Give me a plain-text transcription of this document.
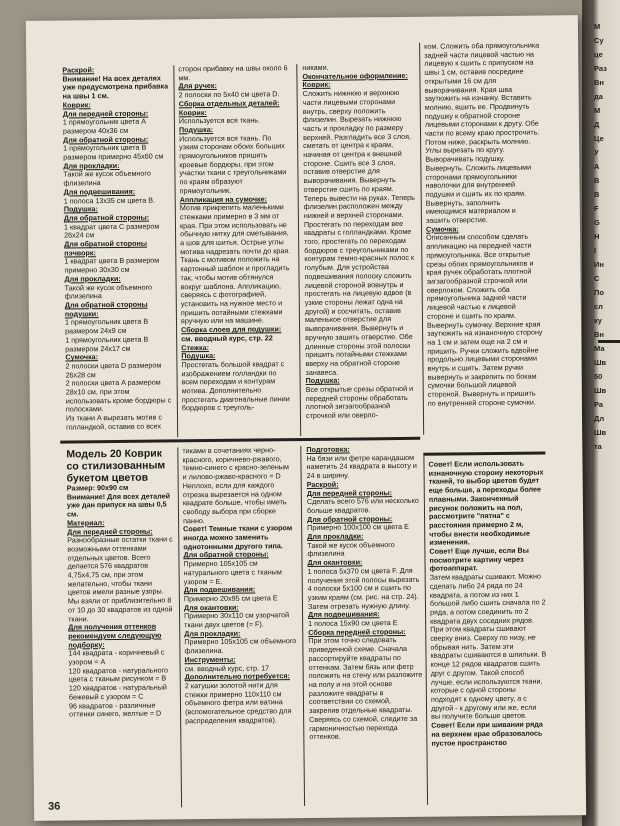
М
Су
це
Раз
Вн
да
М
Д
Це
У
А
В
В
F
G
Н
I
Ин
С
По
сл
ку
Вн
Ма
Шв
50
Шв
Ра
Дл
Шв
та

Раскрой:

Внимание! На всех деталях уже предусмотрена прибавка на швы 1 см.

Коврик:

Для передней стороны:

1 прямоугольник цвета A размером 40x36 см

Для обратной стороны:

1 прямоугольник цвета B размером примерно 45x60 см

Для прокладки:

Такой же кусок объемного флизелина

Для подвешивания:

1 полоса 13x35 см цвета B.

Подушка:

Для обратной стороны:

1 квадрат цвета C размером 26x24 см

Для обратной стороны пэчворк:

1 квадрат цвета B размером примерно 30x30 см

Для прокладки:

Такой же кусок объемного флизелина

Для обратной стороны подушки:

1 прямоугольник цвета B размером 24x9 см

1 прямоугольник цвета B размером 24x17 см

Сумочка:

2 полоски цвета D размером 26x28 см

2 полоски цвета A размером 28x10 см, при этом использовать кроме бордюры с полосками.

Из ткани A вырезать мотив с голландкой, оставив со всех

сторон прибавку на швы около 6 мм.

Для ручек:

2 полоски по 5x40 см цвета D.

Сборка отдельных деталей:

Коврик:

Используется вся ткань.

Подушка:

Используется вся ткань. По узким сторонам обоих больших прямоугольников пришить кроевые бордюры, при этом участки ткани с треугольниками по краям образуют прямоугольник.

Аппликация на сумочке:

Мотив прикрепить маленькими стежками примерно в 3 мм от края. При этом использовать не обычную нитку для сметывания, а шов для шитья. Острые углы мотива надрезать почти до края. Ткань с мотивом положить на картонный шаблон и прогладить так, чтобы мотив обтянулся вокруг шаблона. Аппликацию, сверяясь с фотографией, установить на нужное место и пришить потайными стежками вручную или на машине.

Сборка слоев для подушки:

см. вводный курс, стр. 22

Стежка:

Подушка:

Простегать большой квадрат с изображением голландки по всем переходам и контурам мотива. Дополнительно простегать диагональные линии бордюров с треуголь-

никами.

Окончательное оформление:

Коврик:

Сложить нижнюю и верхнюю части лицевыми сторонами внутрь, сверху положить флизелин. Вырезать нижнюю часть и прокладку по размеру верхней. Разгладить все 3 слоя, сметать от центра к краям, начиная от центра к внешней стороне. Сшить все 3 слоя, оставив отверстие для выворачивания. Вывернуть отверстие сшить по краям. Теперь вывести на руках. Теперь флизелин расположен между нижней и верхней сторонами. Простегать по переходам вее квадраты с голландками. Кроме того, простегать по переходам бордюров с треугольниками по контурам темно-красных полос к голубым. Для устройства подвешивания полоску сложить лицевой стороной вовнутрь и простегать на лицевую вдвое (в узкие стороны лежат одна на другой) и сосчитать, оставив маленькое отверстие для выворачивания. Вывернуть и вручную зашить отверстие. Обе длинные стороны этой полоски пришить потайными стежками вверху на обратной стороне занавеса.

Подушка:

Все открытые срезы обратной и передней стороны обработать плотной зигзагообразной строчкой или оверло-

ком. Сложить оба прямоугольника задней части лицевой частью на лицевую к сшить с припуском на швы 1 см, оставив посредине открытыми 16 см для выворачивания. Края шва заутюжить на изнанку. Вставить молнию, вшить ее. Продвинуть подушку к обратной стороне лицевыми сторонами к другу. Обе части по всему краю прострочить. Потом ниже, раскрыть молнию. Углы вырезать по кругу. Выворачивать подушку. Вывернуть. Сложить лицевыми сторонами прямоугольники наволочки для внутренней подушки и сшить их по краям. Вывернуть, заполнить имеющимся материалом и зашить отверстие.

Сумочка:

Описанным способом сделать аппликацию на передней части прямоугольника. Все открытые срезы обоих прямоугольников и края ручек обработать плотной зигзагообразной строчкой или оверлоком. Сложить оба прямоугольника задней части лицевой частью к лицевой стороне и сшить по краям. Вывернуть сумочку. Верхние края заутюжить на изнаночную сторону на 1 см и затем еще на 2 см и пришить. Ручки сложить вдвойне продольно лицевыми сторонами внутрь и сшить. Затем ручки вывернуть и закрепить по бокам сумочки большой лицевой стороной. Вывернуть и пришить по внутренней стороне сумочки.

Модель 20 Коврик со стилизованным букетом цветов

Размер: 90x90 см

Внимание! Для всех деталей уже дан припуск на швы 0,5 см.

Материал:

Для передней стороны:

Разнообразные остатки ткани с возможными оттенками отдельных цветов. Всего делается 576 квадратов 4,75x4,75 см, при этом желательно, чтобы ткани цветов имели разные узоры. Мы взяли от приблизительно 8 от 10 до 30 квадратов из одной ткани.

Для получения оттенков рекомендуем следующую подборку:

144 квадрата - коричневый с узором = A

120 квадратов - натурального цвета с тканым рисунком = B

120 квадратов - натуральный бежевый с узором = C

96 квадратов - различные оттенки синего, желтые = D

тиками в сочетаниях черно-красного, коричнево-ржавого, темно-синего с красно-зеленым и лилово-ржаво-красного = D

Неплохо, если для каждого отрезка вырезается на одном квадрате больше, чтобы иметь свободу выбора при сборке панно.

Совет! Темные ткани с узором иногда можно заменить однотонными другого типа.

Для обратной стороны:

Примерно 105x105 см натурального цвета с тканым узором = E.

Для подвешивания:

Примерно 20x95 см цвета E

Для окантовки:

Примерно 30x110 см узорчатой ткани двух цветов (= F).

Для прокладки:

Примерно 105x105 см объемного флизелина.

Инструменты:

см. вводный курс, стр. 17

Дополнительно потребуется:

2 катушки золотой нити для стежки примерно 110x110 см объемного фетра или ватина (вспомогательное средство для распределения квадратов).

Подготовка:

На бязи или фетре карандашом наметить 24 квадрата в высоту и 24 в ширину.

Раскрой:

Для передней стороны:

Сделать всего 576 или несколько больше квадратов.

Для обратной стороны:

Примерно 100x100 см цвета E

Для прокладки:

Такой же кусок объемного флизелина

Для окантовки:

1 полоса 5x370 см цвета F. Для получения этой полосы вырезать 4 полоски 5x100 см и сшить по узким краям (см. рис. на стр. 24). Затем отрезать нужную длину.

Для подвешивания:

1 полоса 15x90 см цвета E

Сборка передней стороны:

При этом точно следовать приведенной схеме. Сначала рассортируйте квадраты по оттенкам. Затем бязь или фетр положить на стену или разложите на полу и на этой основе разложите квадраты в соответствии со схемой, закрепив отдельные квадраты. Сверяясь со схемой, следите за гармоничностью перехода оттенков.

Совет! Если использовать изнаночную сторону некоторых тканей, то выбор цветов будет еще больше, а переходы более плавными. Законченный рисунок положить на пол, рассмотрите "пятна" с расстояния примерно 2 м, чтобы внести необходимые изменения.

Совет! Еще лучше, если Вы посмотрите картину через фотоаппарат.

Затем квадраты сшивают. Можно сделать либо 24 ряда по 24 квадрата, а потом из них 1 большой либо сшить сначала по 2 ряда, а потом соединить по 2 квадрата двух соседних рядов. При этом квадраты сшивают сверху вниз. Сверху по низу, не обрывая нить. Затем эти квадраты сшиваются в шпильки. В конце 12 рядов квадратов сшить друг с другом. Такой способ лучше, если используются ткани, которые с одной стороны подходят к одному цвету, а с другой - к другому или же, если вы получите больше цветов.

Совет! Если при шивании ряда на верхнем крае образовалось пустое пространство

36
